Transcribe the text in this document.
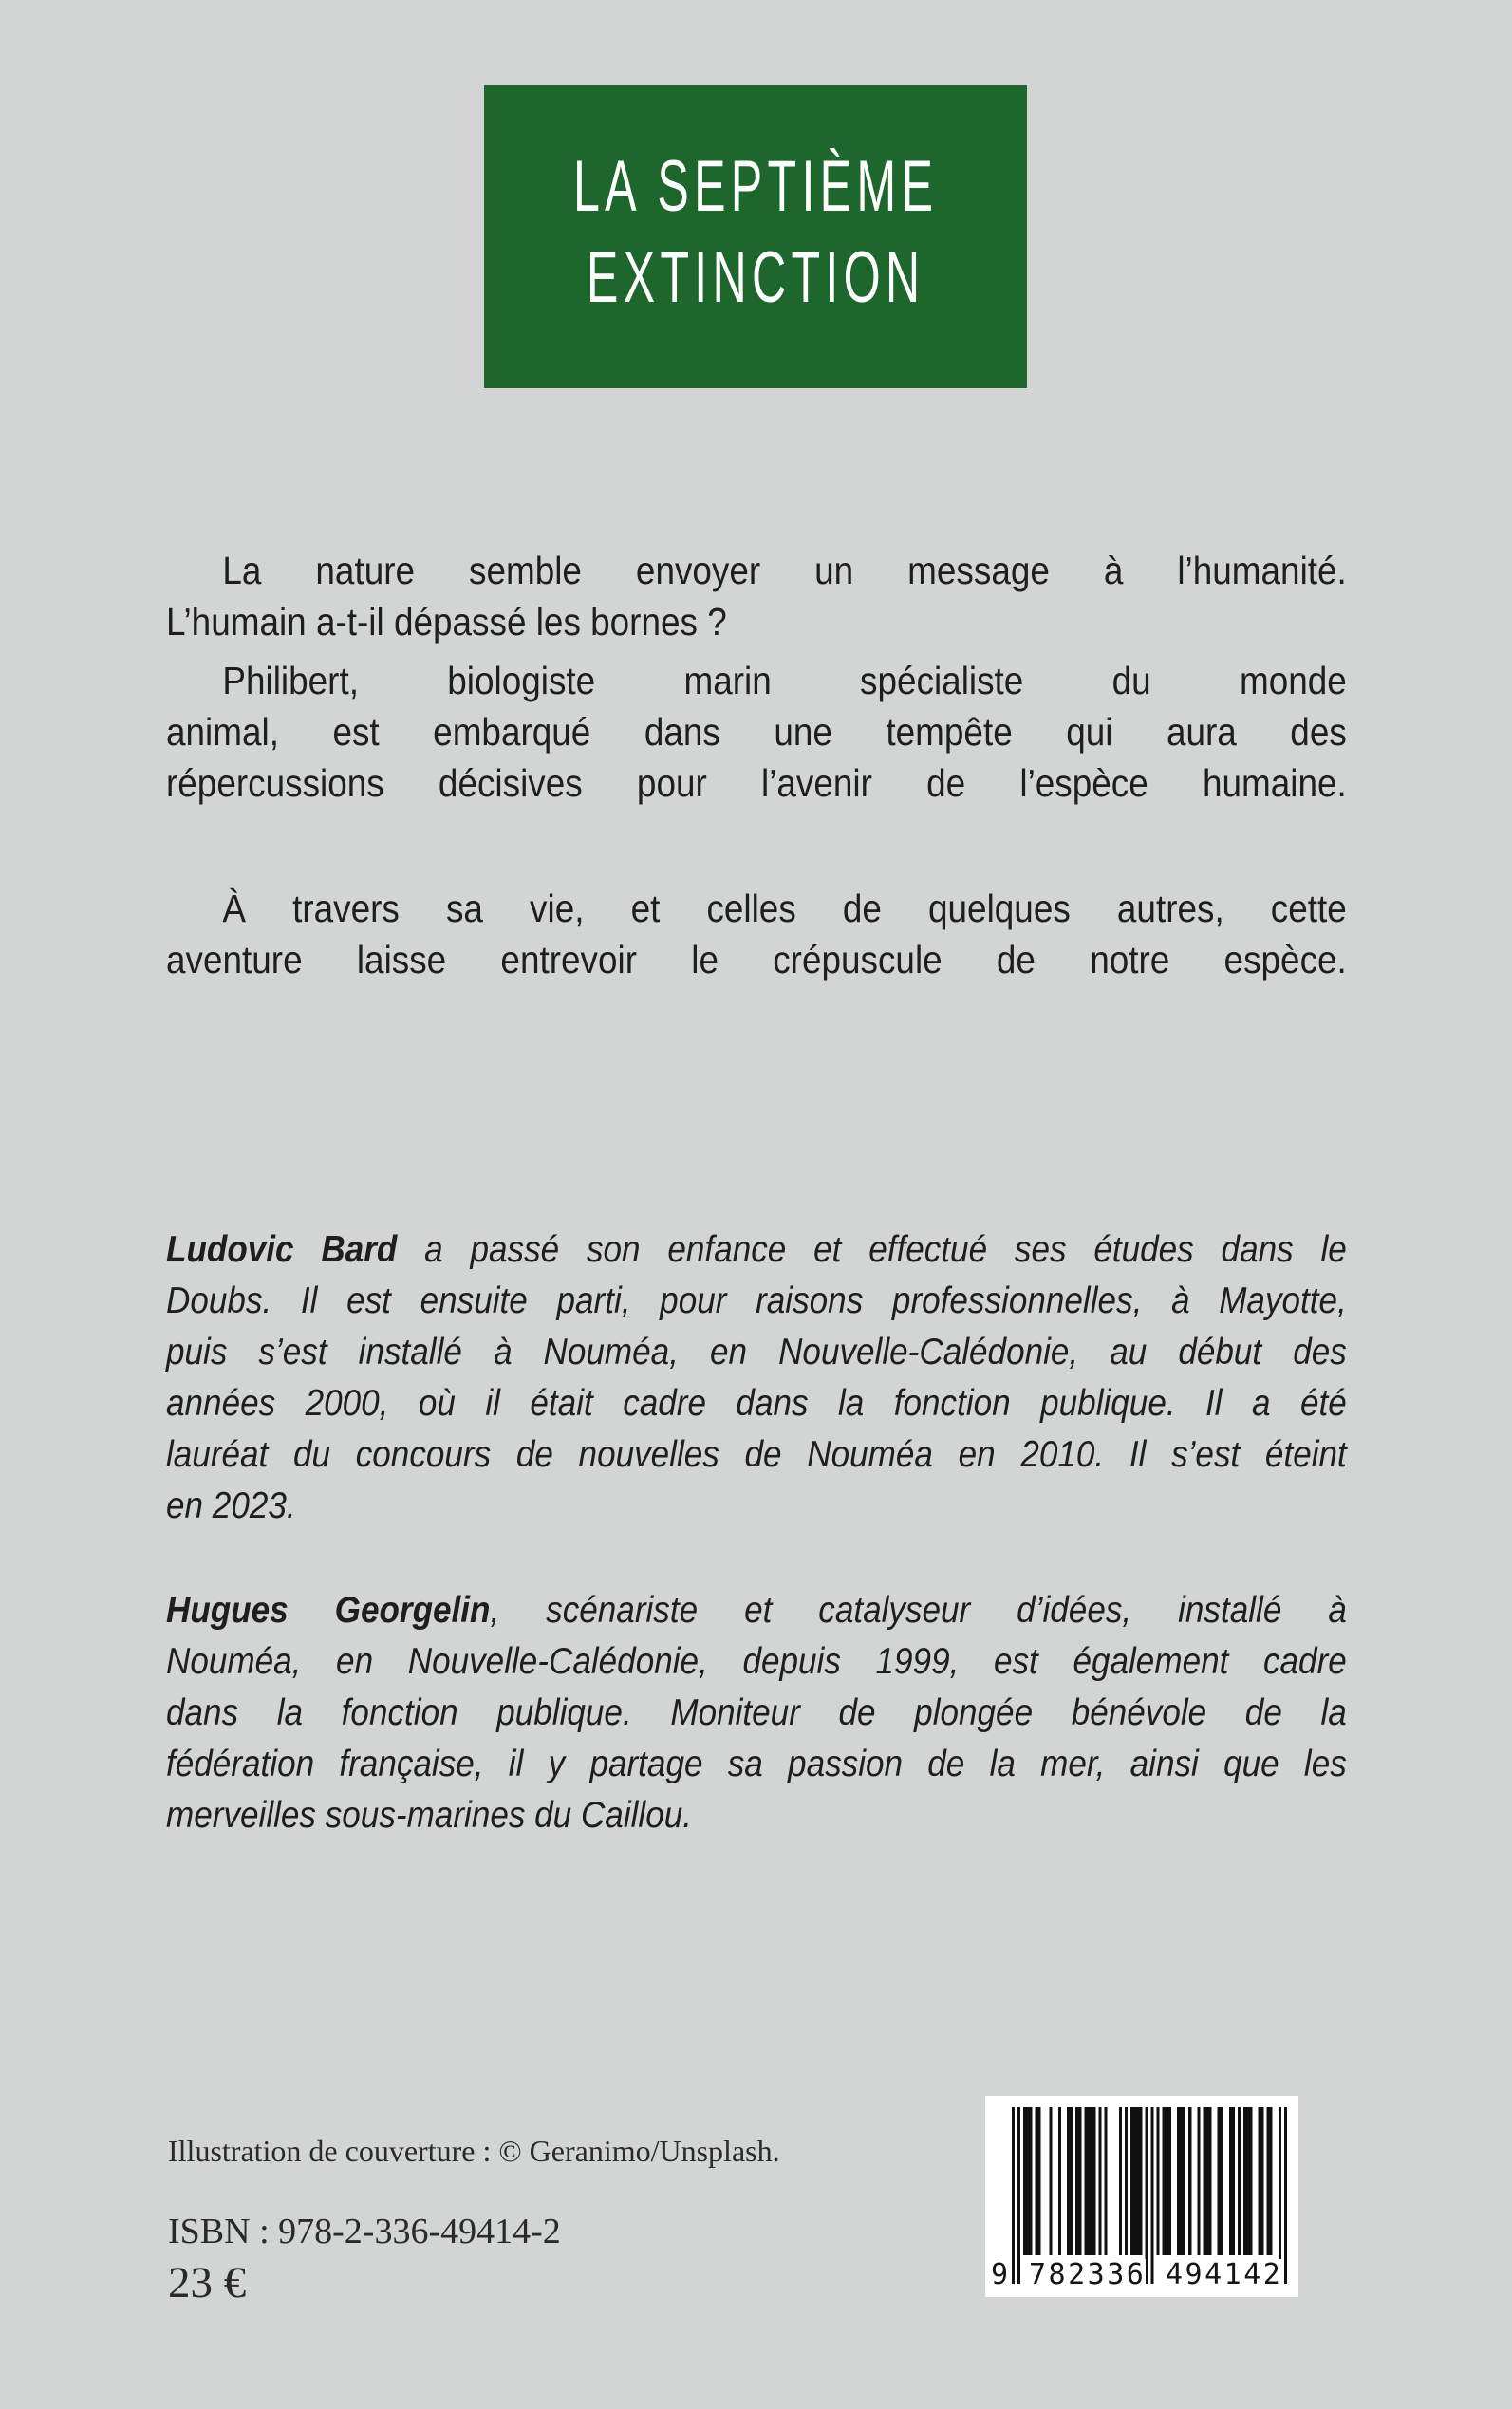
LA SEPTIÈME
EXTINCTION
La nature semble envoyer un message à l’humanité.
L’humain a-t-il dépassé les bornes ?
Philibert, biologiste marin spécialiste du monde
animal, est embarqué dans une tempête qui aura des
répercussions décisives pour l’avenir de l’espèce humaine.
À travers sa vie, et celles de quelques autres, cette
aventure laisse entrevoir le crépuscule de notre espèce.
Ludovic Bard a passé son enfance et effectué ses études dans le
Doubs. Il est ensuite parti, pour raisons professionnelles, à Mayotte,
puis s’est installé à Nouméa, en Nouvelle-Calédonie, au début des
années 2000, où il était cadre dans la fonction publique. Il a été
lauréat du concours de nouvelles de Nouméa en 2010. Il s’est éteint
en 2023.
Hugues Georgelin, scénariste et catalyseur d’idées, installé à
Nouméa, en Nouvelle-Calédonie, depuis 1999, est également cadre
dans la fonction publique. Moniteur de plongée bénévole de la
fédération française, il y partage sa passion de la mer, ainsi que les
merveilles sous-marines du Caillou.
Illustration de couverture : © Geranimo/Unsplash.
ISBN : 978-2-336-49414-2
23 €	9 782336 494142
